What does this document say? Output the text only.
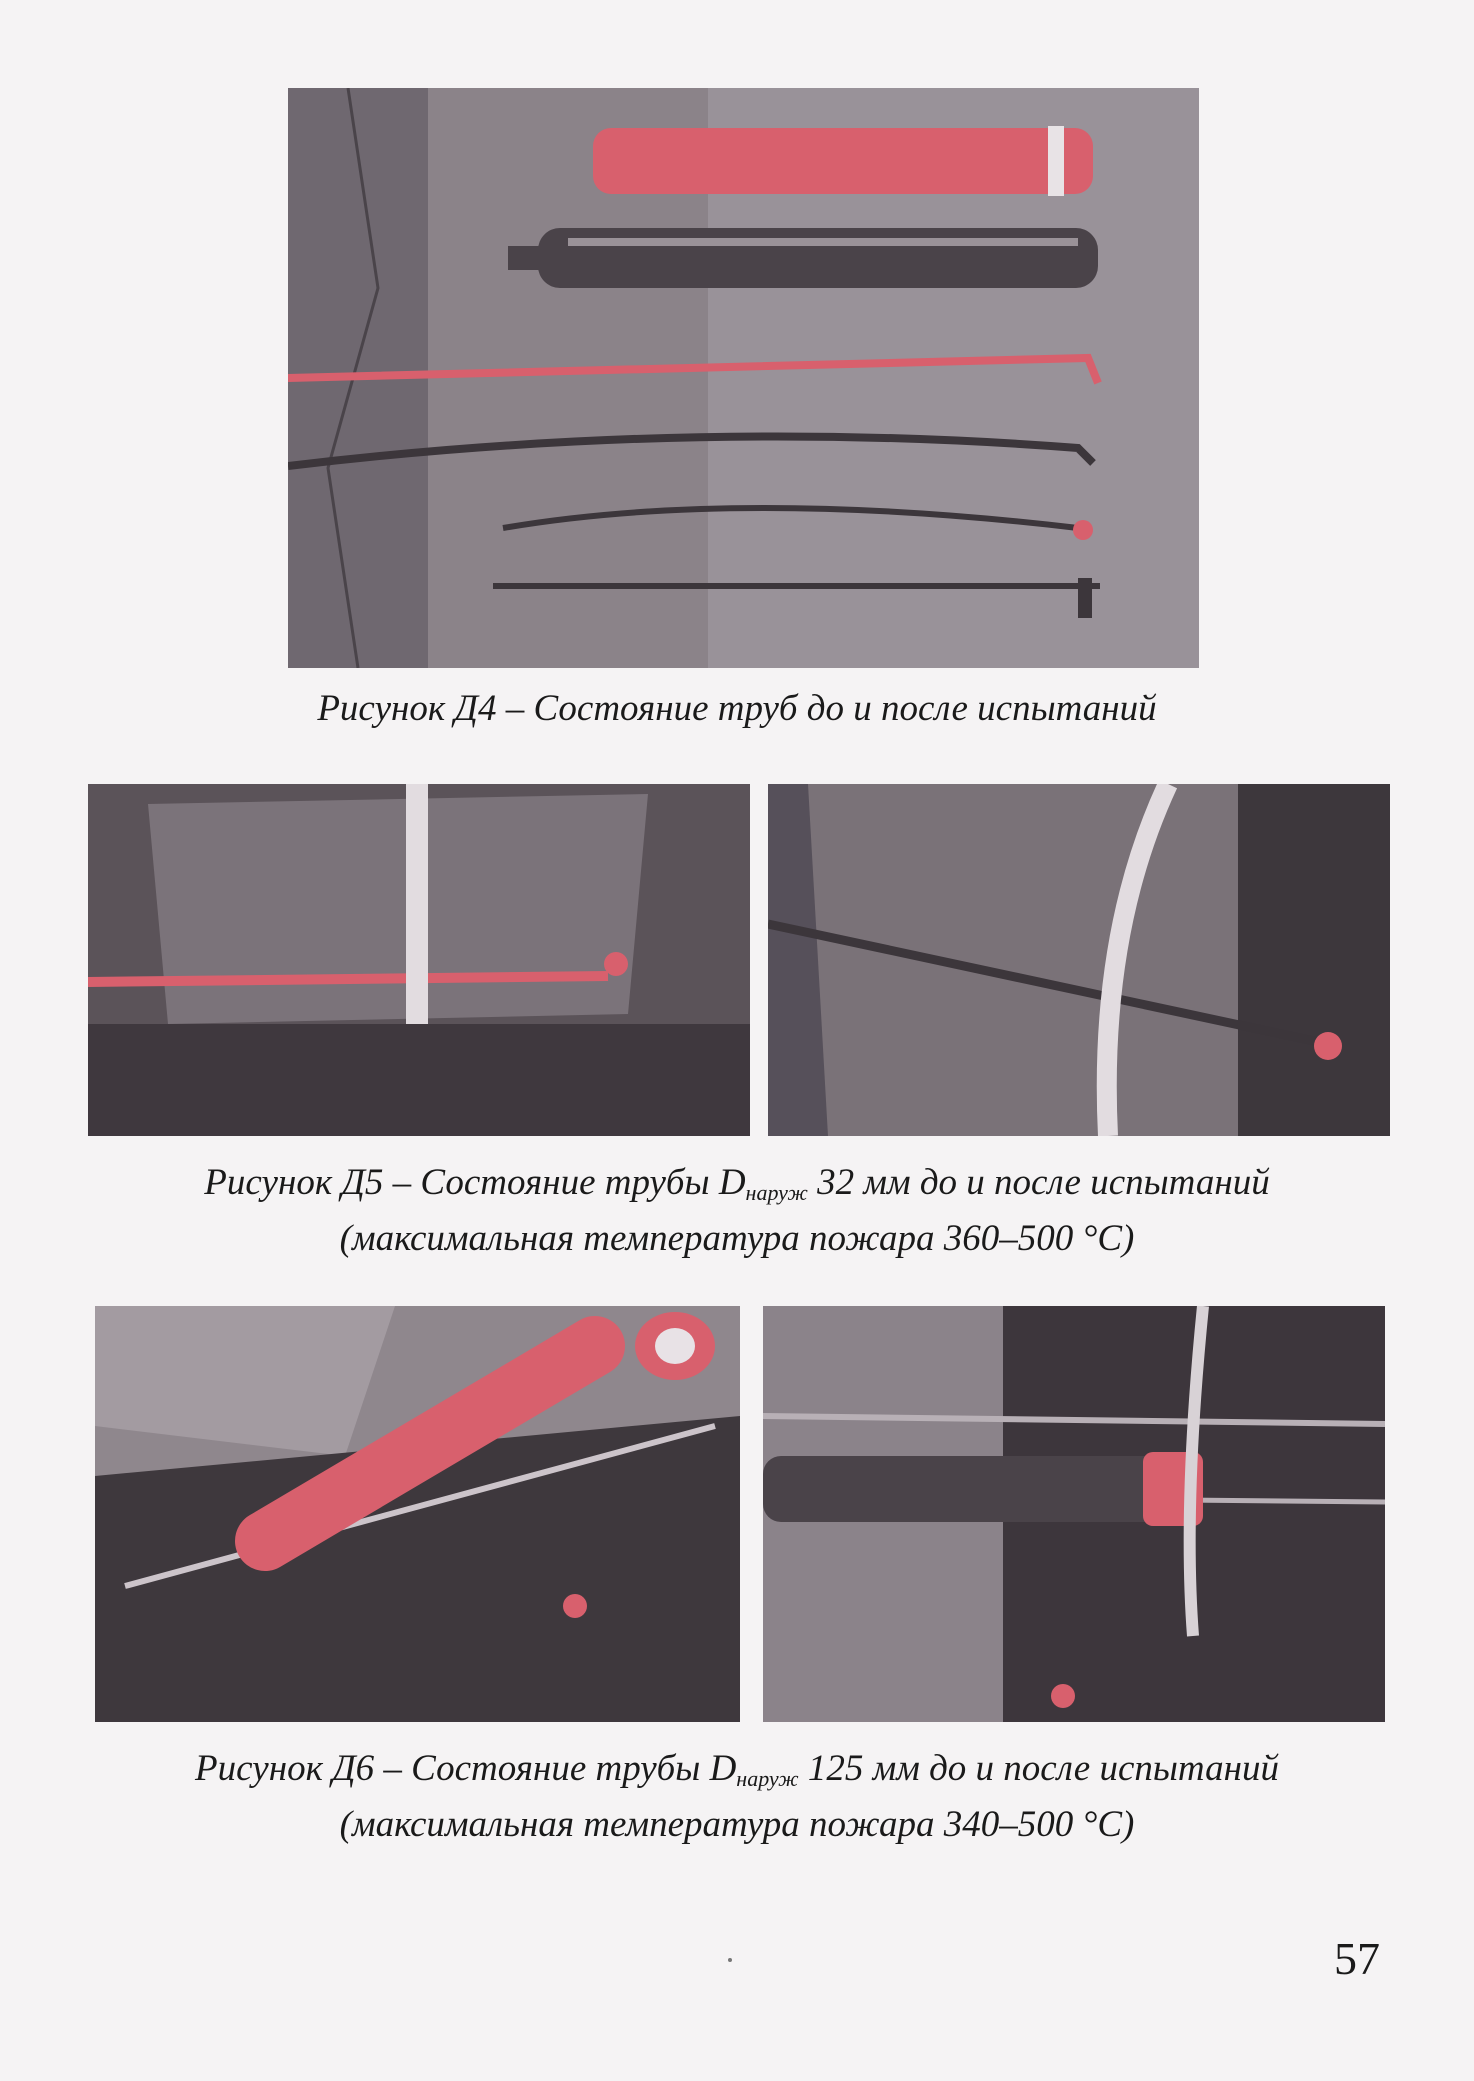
Рисунок Д4 – Состояние труб до и после испытаний
Рисунок Д5 – Состояние трубы $D_{наруж}$ 32 мм до и после испытаний
(максимальная температура пожара 360–500 °С)
Рисунок Д6 – Состояние трубы $D_{наруж}$ 125 мм до и после испытаний
(максимальная температура пожара 340–500 °С)
57
